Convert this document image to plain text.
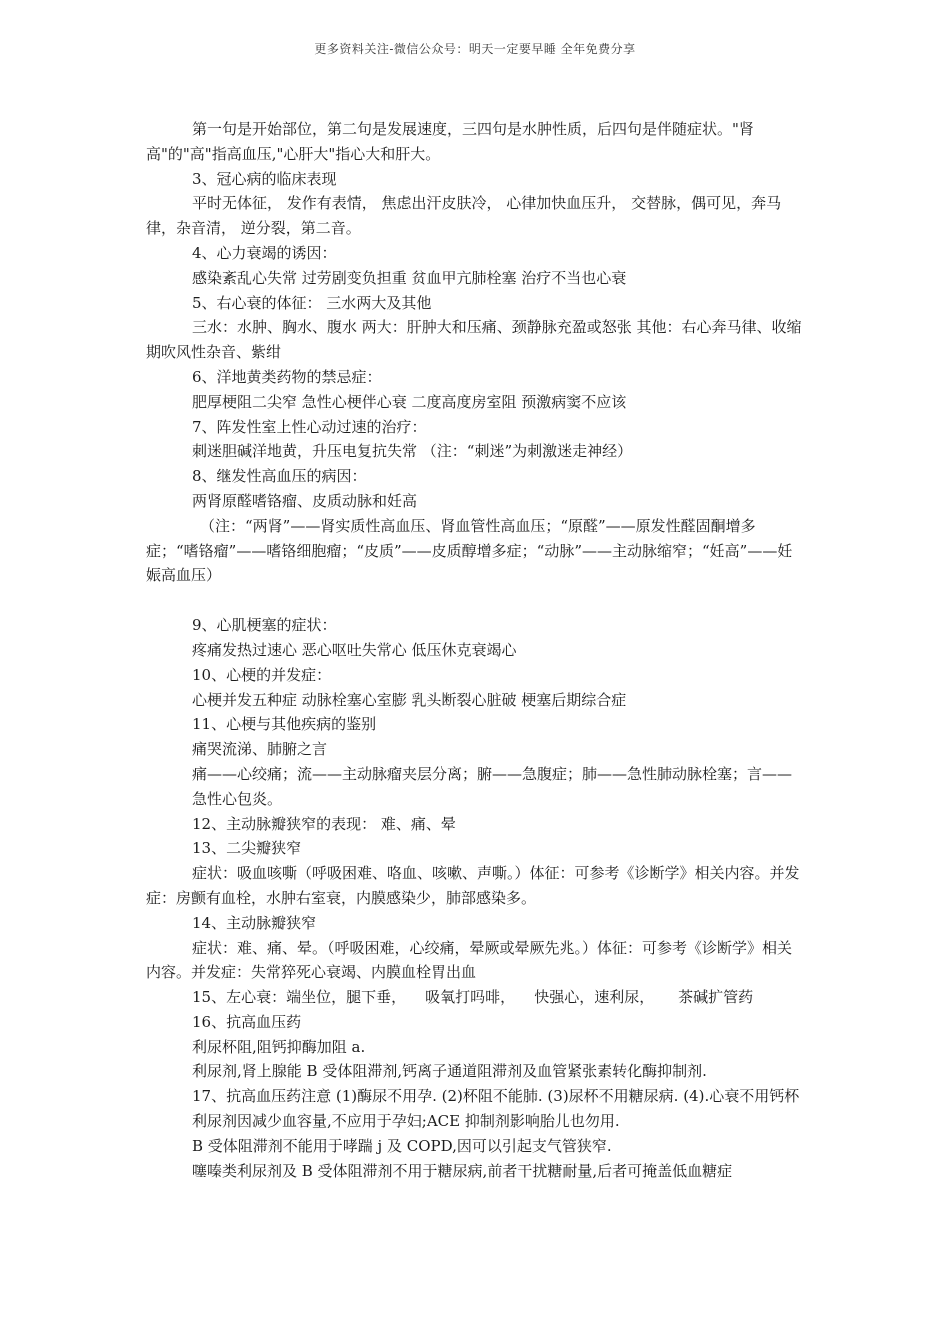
更多资料关注-微信公众号：明天一定要早睡 全年免费分享

第一句是开始部位，第二句是发展速度，三四句是水肿性质，后四句是伴随症状。"肾高"的"高"指高血压,"心肝大"指心大和肝大。

3、冠心病的临床表现

平时无体征， 发作有表情， 焦虑出汗皮肤冷， 心律加快血压升， 交替脉，偶可见，奔马律，杂音清， 逆分裂，第二音。

4、心力衰竭的诱因：

感染紊乱心失常 过劳剧变负担重 贫血甲亢肺栓塞 治疗不当也心衰

5、右心衰的体征： 三水两大及其他

三水：水肿、胸水、腹水 两大：肝肿大和压痛、颈静脉充盈或怒张 其他：右心奔马律、收缩期吹风性杂音、紫绀

6、洋地黄类药物的禁忌症：

肥厚梗阻二尖窄 急性心梗伴心衰 二度高度房室阻 预激病窦不应该

7、阵发性室上性心动过速的治疗：

刺迷胆碱洋地黄，升压电复抗失常 （注：“刺迷”为刺激迷走神经）

8、继发性高血压的病因：

两肾原醛嗜铬瘤、皮质动脉和妊高

（注：“两肾”——肾实质性高血压、肾血管性高血压；“原醛”——原发性醛固酮增多症；“嗜铬瘤”——嗜铬细胞瘤；“皮质”——皮质醇增多症；“动脉”——主动脉缩窄；“妊高”——妊娠高血压）

9、心肌梗塞的症状：

疼痛发热过速心 恶心呕吐失常心 低压休克衰竭心

10、心梗的并发症：

心梗并发五种症 动脉栓塞心室膨 乳头断裂心脏破 梗塞后期综合症

11、心梗与其他疾病的鉴别

痛哭流涕、肺腑之言

痛——心绞痛；流——主动脉瘤夹层分离；腑——急腹症；肺——急性肺动脉栓塞；言——急性心包炎。

12、主动脉瓣狭窄的表现： 难、痛、晕

13、二尖瓣狭窄

症状：吸血咳嘶（呼吸困难、咯血、咳嗽、声嘶。）体征：可参考《诊断学》相关内容。并发症：房颤有血栓，水肿右室衰，内膜感染少，肺部感染多。

14、主动脉瓣狭窄

症状：难、痛、晕。（呼吸困难，心绞痛，晕厥或晕厥先兆。）体征：可参考《诊断学》相关内容。并发症：失常猝死心衰竭、内膜血栓胃出血

15、左心衰：端坐位，腿下垂，    吸氧打吗啡，    快强心，速利尿，     茶碱扩管药

16、抗高血压药

利尿杯阻,阻钙抑酶加阻 a.

利尿剂,肾上腺能 B 受体阻滞剂,钙离子通道阻滞剂及血管紧张素转化酶抑制剂.

17、抗高血压药注意 (1)酶尿不用孕. (2)杯阻不能肺. (3)尿杯不用糖尿病. (4).心衰不用钙杯

利尿剂因减少血容量,不应用于孕妇;ACE 抑制剂影响胎儿也勿用.

B 受体阻滞剂不能用于哮踹 j 及 COPD,因可以引起支气管狭窄.

噻嗪类利尿剂及 B 受体阻滞剂不用于糖尿病,前者干扰糖耐量,后者可掩盖低血糖症
